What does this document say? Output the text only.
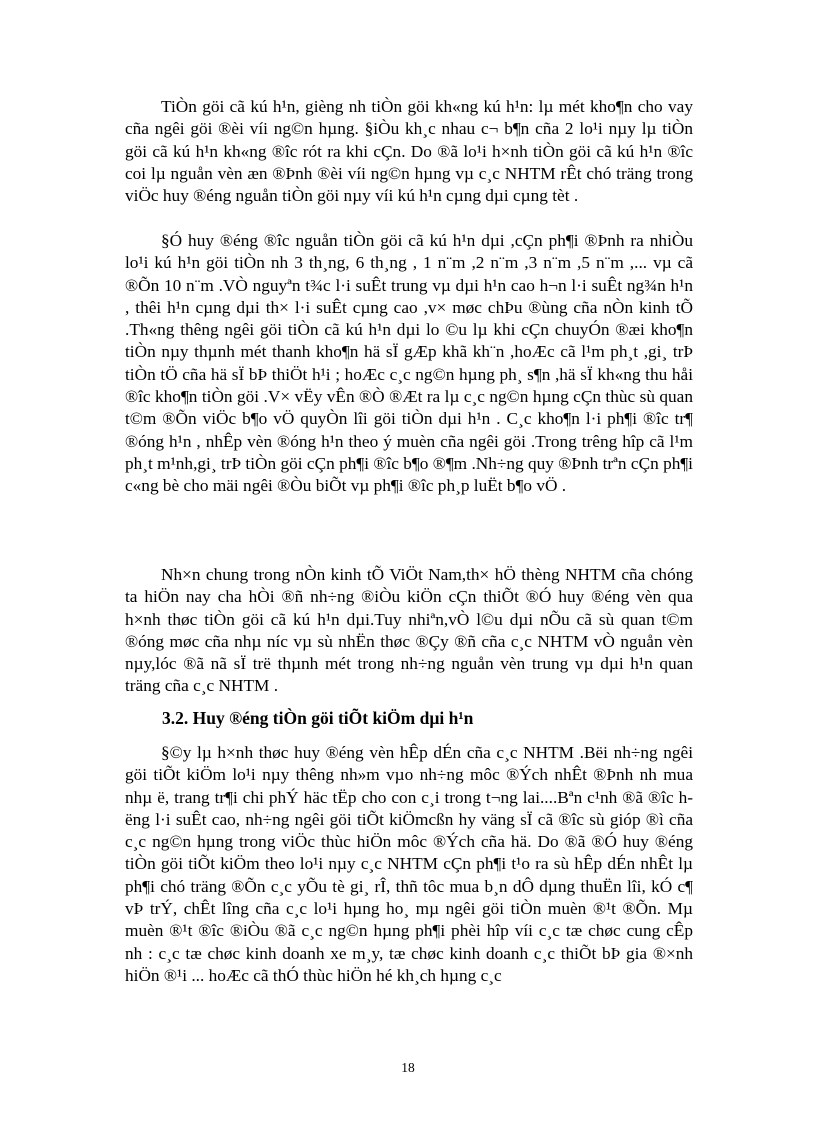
TiÒn göi cã kú h¹n, gièng nh tiÒn göi kh«ng kú h¹n: lµ mét kho¶n cho vay cña ngêi göi ®èi víi ng©n hµng. §iÒu kh¸c nhau c¬ b¶n cña 2 lo¹i nµy lµ tiÒn göi cã kú h¹n kh«ng ®îc rót ra khi cÇn. Do ®ã lo¹i h×nh tiÒn göi cã kú h¹n ®îc coi lµ nguån vèn æn ®Þnh ®èi víi ng©n hµng vµ c¸c NHTM rÊt chó träng trong viÖc huy ®éng nguån tiÒn göi nµy víi kú h¹n cµng dµi cµng tèt .

§Ó huy ®éng ®îc nguån tiÒn göi cã kú h¹n dµi ,cÇn ph¶i ®Þnh ra nhiÒu lo¹i kú h¹n göi tiÒn nh 3 th¸ng, 6 th¸ng , 1 n¨m ,2 n¨m ,3 n¨m ,5 n¨m ,... vµ cã ®Õn 10 n¨m .VÒ nguyªn t¾c l·i suÊt trung vµ dµi h¹n cao h¬n l·i suÊt ng¾n h¹n , thêi h¹n cµng dµi th× l·i suÊt cµng cao ,v× møc chÞu ®ùng cña nÒn kinh tÕ .Th«ng thêng ngêi göi tiÒn cã kú h¹n dµi lo ©u lµ khi cÇn chuyÓn ®æi kho¶n tiÒn nµy thµnh mét thanh kho¶n hä sÏ gÆp khã kh¨n ,hoÆc cã l¹m ph¸t ,gi¸ trÞ tiÒn tÖ cña hä sÏ bÞ thiÖt h¹i ; hoÆc c¸c ng©n hµng ph¸ s¶n ,hä sÏ kh«ng thu håi ®îc kho¶n tiÒn göi .V× vËy vÊn ®Ò ®Æt ra lµ c¸c ng©n hµng cÇn thùc sù quan t©m ®Õn viÖc b¶o vÖ quyÒn lîi göi tiÒn dµi h¹n . C¸c kho¶n l·i ph¶i ®îc tr¶ ®óng h¹n , nhÊp vèn ®óng h¹n theo ý muèn cña ngêi göi .Trong trêng hîp cã l¹m ph¸t m¹nh,gi¸ trÞ tiÒn göi cÇn ph¶i ®îc b¶o ®¶m .Nh÷ng quy ®Þnh trªn cÇn ph¶i c«ng bè cho mäi ngêi ®Òu biÕt vµ ph¶i ®îc ph¸p luËt b¶o vÖ .

Nh×n chung trong nÒn kinh tÕ ViÖt Nam,th× hÖ thèng NHTM cña chóng ta hiÖn nay cha hÒi ®ñ nh÷ng ®iÒu kiÖn cÇn thiÕt ®Ó huy ®éng vèn qua h×nh thøc tiÒn göi cã kú h¹n dµi.Tuy nhiªn,vÒ l©u dµi nÕu cã sù quan t©m ®óng møc cña nhµ níc vµ sù nhËn thøc ®Çy ®ñ cña c¸c NHTM vÒ nguån vèn nµy,lóc ®ã nã sÏ trë thµnh mét trong nh÷ng nguån vèn trung vµ dµi h¹n quan träng cña c¸c NHTM .

3.2. Huy ®éng tiÒn göi tiÕt kiÖm dµi h¹n

§©y lµ h×nh thøc huy ®éng vèn hÊp dÉn cña c¸c NHTM .Bëi nh÷ng ngêi göi tiÕt kiÖm lo¹i nµy thêng nh»m vµo nh÷ng môc ®Ých nhÊt ®Þnh nh mua nhµ ë, trang tr¶i chi phÝ häc tËp cho con c¸i trong t¬ng lai....Bªn c¹nh ®ã ®îc hëng l·i suÊt cao, nh÷ng ngêi göi tiÕt kiÖmcßn hy väng sÏ cã ®îc sù gióp ®ì cña c¸c ng©n hµng trong viÖc thùc hiÖn môc ®Ých cña hä. Do ®ã ®Ó huy ®éng tiÒn göi tiÕt kiÖm theo lo¹i nµy c¸c NHTM cÇn ph¶i t¹o ra sù hÊp dÉn nhÊt lµ ph¶i chó träng ®Õn c¸c yÕu tè gi¸ rÎ, thñ tôc mua b¸n dÔ dµng thuËn lîi, kÓ c¶ vÞ trÝ, chÊt lîng cña c¸c lo¹i hµng ho¸ mµ ngêi göi tiÒn muèn ®¹t ®Õn. Mµ muèn ®¹t ®îc ®iÒu ®ã c¸c ng©n hµng ph¶i phèi hîp víi c¸c tæ chøc cung cÊp nh : c¸c tæ chøc kinh doanh xe m¸y, tæ chøc kinh doanh c¸c thiÕt bÞ gia ®×nh hiÖn ®¹i ... hoÆc cã thÓ thùc hiÖn hé kh¸ch hµng c¸c

18
